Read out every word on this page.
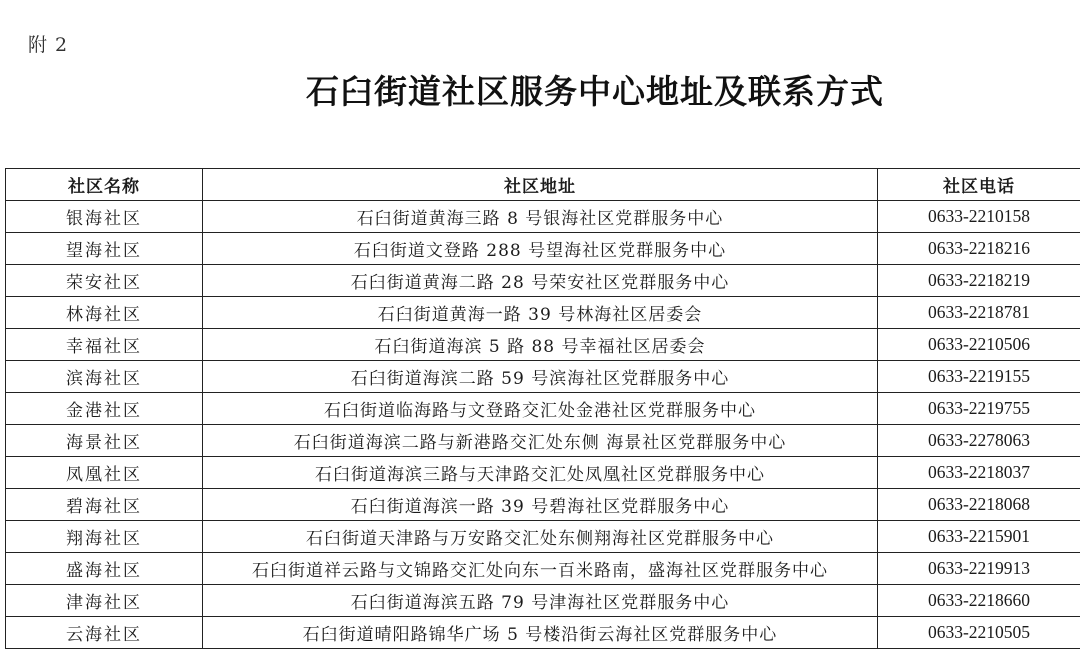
附 2
石臼街道社区服务中心地址及联系方式
社区名称	社区地址	社区电话
银海社区	石臼街道黄海三路 8 号银海社区党群服务中心	0633-2210158
望海社区	石臼街道文登路 288 号望海社区党群服务中心	0633-2218216
荣安社区	石臼街道黄海二路 28 号荣安社区党群服务中心	0633-2218219
林海社区	石臼街道黄海一路 39 号林海社区居委会	0633-2218781
幸福社区	石臼街道海滨 5 路 88 号幸福社区居委会	0633-2210506
滨海社区	石臼街道海滨二路 59 号滨海社区党群服务中心	0633-2219155
金港社区	石臼街道临海路与文登路交汇处金港社区党群服务中心	0633-2219755
海景社区	石臼街道海滨二路与新港路交汇处东侧 海景社区党群服务中心	0633-2278063
凤凰社区	石臼街道海滨三路与天津路交汇处凤凰社区党群服务中心	0633-2218037
碧海社区	石臼街道海滨一路 39 号碧海社区党群服务中心	0633-2218068
翔海社区	石臼街道天津路与万安路交汇处东侧翔海社区党群服务中心	0633-2215901
盛海社区	石臼街道祥云路与文锦路交汇处向东一百米路南，盛海社区党群服务中心	0633-2219913
津海社区	石臼街道海滨五路 79 号津海社区党群服务中心	0633-2218660
云海社区	石臼街道晴阳路锦华广场 5 号楼沿街云海社区党群服务中心	0633-2210505
